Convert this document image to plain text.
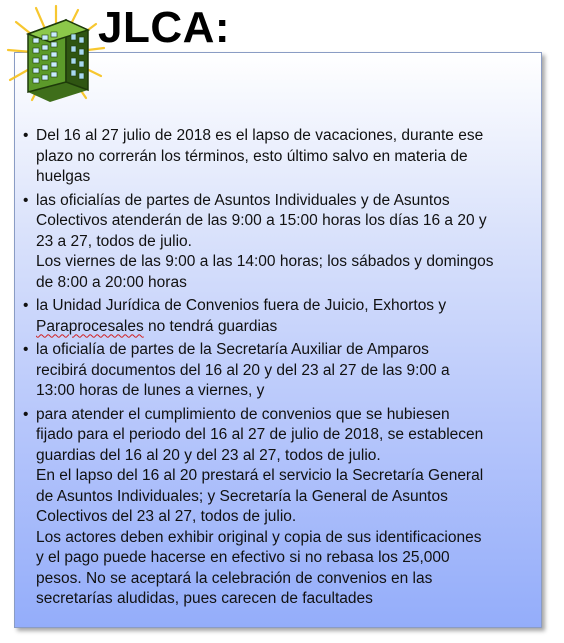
JLCA:
• Del 16 al 27 julio de 2018 es el lapso de vacaciones, durante ese
plazo no correrán los términos, esto último salvo en materia de
huelgas
• las oficialías de partes de Asuntos Individuales y de Asuntos
Colectivos atenderán de las 9:00 a 15:00 horas los días 16 a 20 y
23 a 27, todos de julio.
Los viernes de las 9:00 a las 14:00 horas; los sábados y domingos
de 8:00 a 20:00 horas
• la Unidad Jurídica de Convenios fuera de Juicio, Exhortos y
Paraprocesales no tendrá guardias
• la oficialía de partes de la Secretaría Auxiliar de Amparos
recibirá documentos del 16 al 20 y del 23 al 27 de las 9:00 a
13:00 horas de lunes a viernes, y
• para atender el cumplimiento de convenios que se hubiesen
fijado para el periodo del 16 al 27 de julio de 2018, se establecen
guardias del 16 al 20 y del 23 al 27, todos de julio.
En el lapso del 16 al 20 prestará el servicio la Secretaría General
de Asuntos Individuales; y Secretaría la General de Asuntos
Colectivos del 23 al 27, todos de julio.
Los actores deben exhibir original y copia de sus identificaciones
y el pago puede hacerse en efectivo si no rebasa los 25,000
pesos. No se aceptará la celebración de convenios en las
secretarías aludidas, pues carecen de facultades
